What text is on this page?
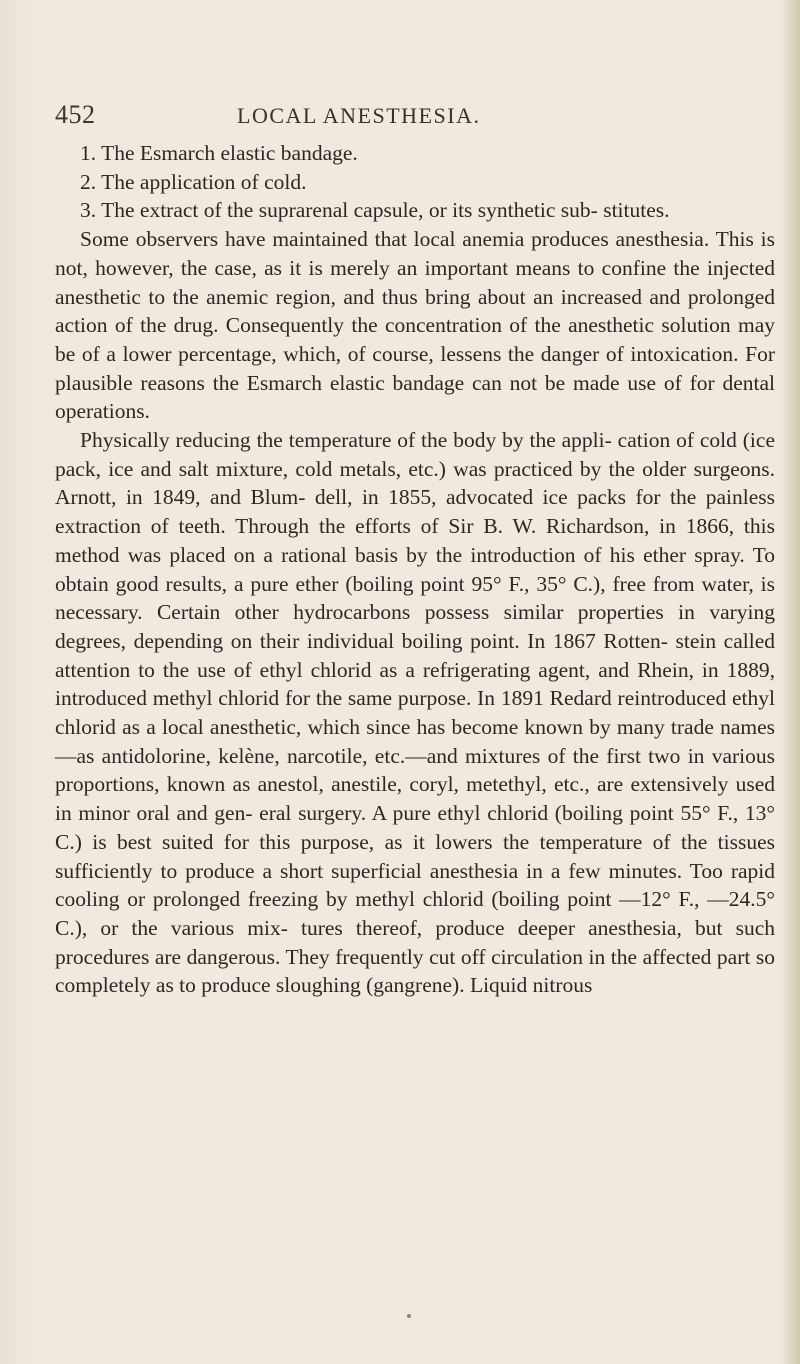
452	LOCAL ANESTHESIA.

1. The Esmarch elastic bandage.

2. The application of cold.

3. The extract of the suprarenal capsule, or its synthetic sub- stitutes.

Some observers have maintained that local anemia produces anesthesia. This is not, however, the case, as it is merely an important means to confine the injected anesthetic to the anemic region, and thus bring about an increased and prolonged action of the drug. Consequently the concentration of the anesthetic solution may be of a lower percentage, which, of course, lessens the danger of intoxication. For plausible reasons the Esmarch elastic bandage can not be made use of for dental operations.

Physically reducing the temperature of the body by the appli- cation of cold (ice pack, ice and salt mixture, cold metals, etc.) was practiced by the older surgeons. Arnott, in 1849, and Blum- dell, in 1855, advocated ice packs for the painless extraction of teeth. Through the efforts of Sir B. W. Richardson, in 1866, this method was placed on a rational basis by the introduction of his ether spray. To obtain good results, a pure ether (boiling point 95° F., 35° C.), free from water, is necessary. Certain other hydrocarbons possess similar properties in varying degrees, depending on their individual boiling point. In 1867 Rotten- stein called attention to the use of ethyl chlorid as a refrigerating agent, and Rhein, in 1889, introduced methyl chlorid for the same purpose. In 1891 Redard reintroduced ethyl chlorid as a local anesthetic, which since has become known by many trade names—as antidolorine, kelène, narcotile, etc.—and mixtures of the first two in various proportions, known as anestol, anestile, coryl, metethyl, etc., are extensively used in minor oral and gen- eral surgery. A pure ethyl chlorid (boiling point 55° F., 13° C.) is best suited for this purpose, as it lowers the temperature of the tissues sufficiently to produce a short superficial anesthesia in a few minutes. Too rapid cooling or prolonged freezing by methyl chlorid (boiling point —12° F., —24.5° C.), or the various mix- tures thereof, produce deeper anesthesia, but such procedures are dangerous. They frequently cut off circulation in the affected part so completely as to produce sloughing (gangrene). Liquid nitrous
